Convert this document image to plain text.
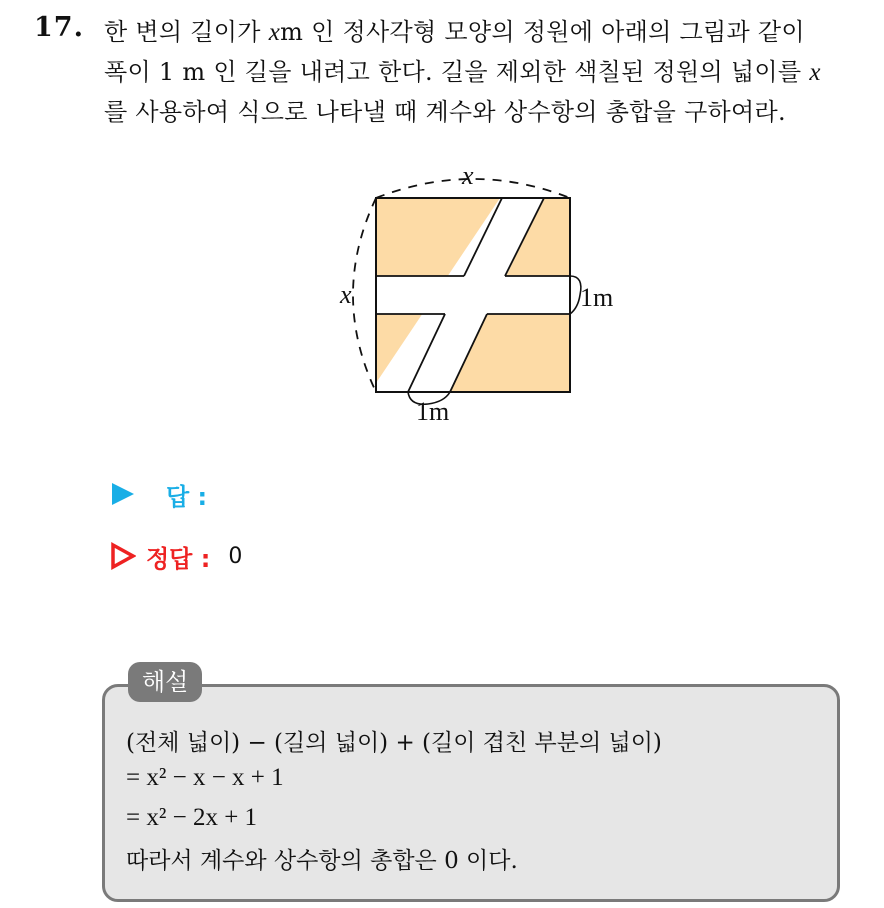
17. 한 변의 길이가 xm 인 정사각형 모양의 정원에 아래의 그림과 같이
폭이 1 m 인 길을 내려고 한다. 길을 제외한 색칠된 정원의 넓이를 x
를 사용하여 식으로 나타낼 때 계수와 상수항의 총합을 구하여라.
x
x	1m
1m
답 :
정답 : 0
해설
(전체 넓이) − (길의 넓이) + (길이 겹친 부분의 넓이)
= x² − x − x + 1
= x² − 2x + 1
따라서 계수와 상수항의 총합은 0 이다.
